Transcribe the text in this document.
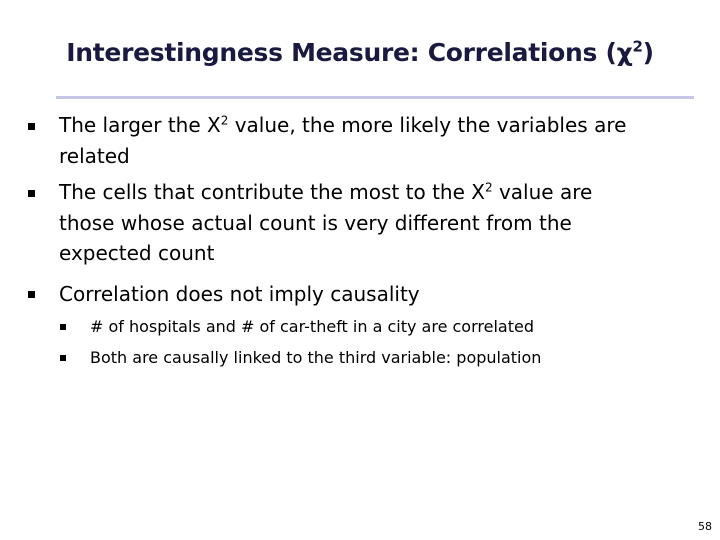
Interestingness Measure: Correlations $(\chi^2)$
The larger the $X^2$ value, the more likely the variables are
related
The cells that contribute the most to the $X^2$ value are
those whose actual count is very different from the
expected count
Correlation does not imply causality
# of hospitals and # of car-theft in a city are correlated
Both are causally linked to the third variable: population
58
